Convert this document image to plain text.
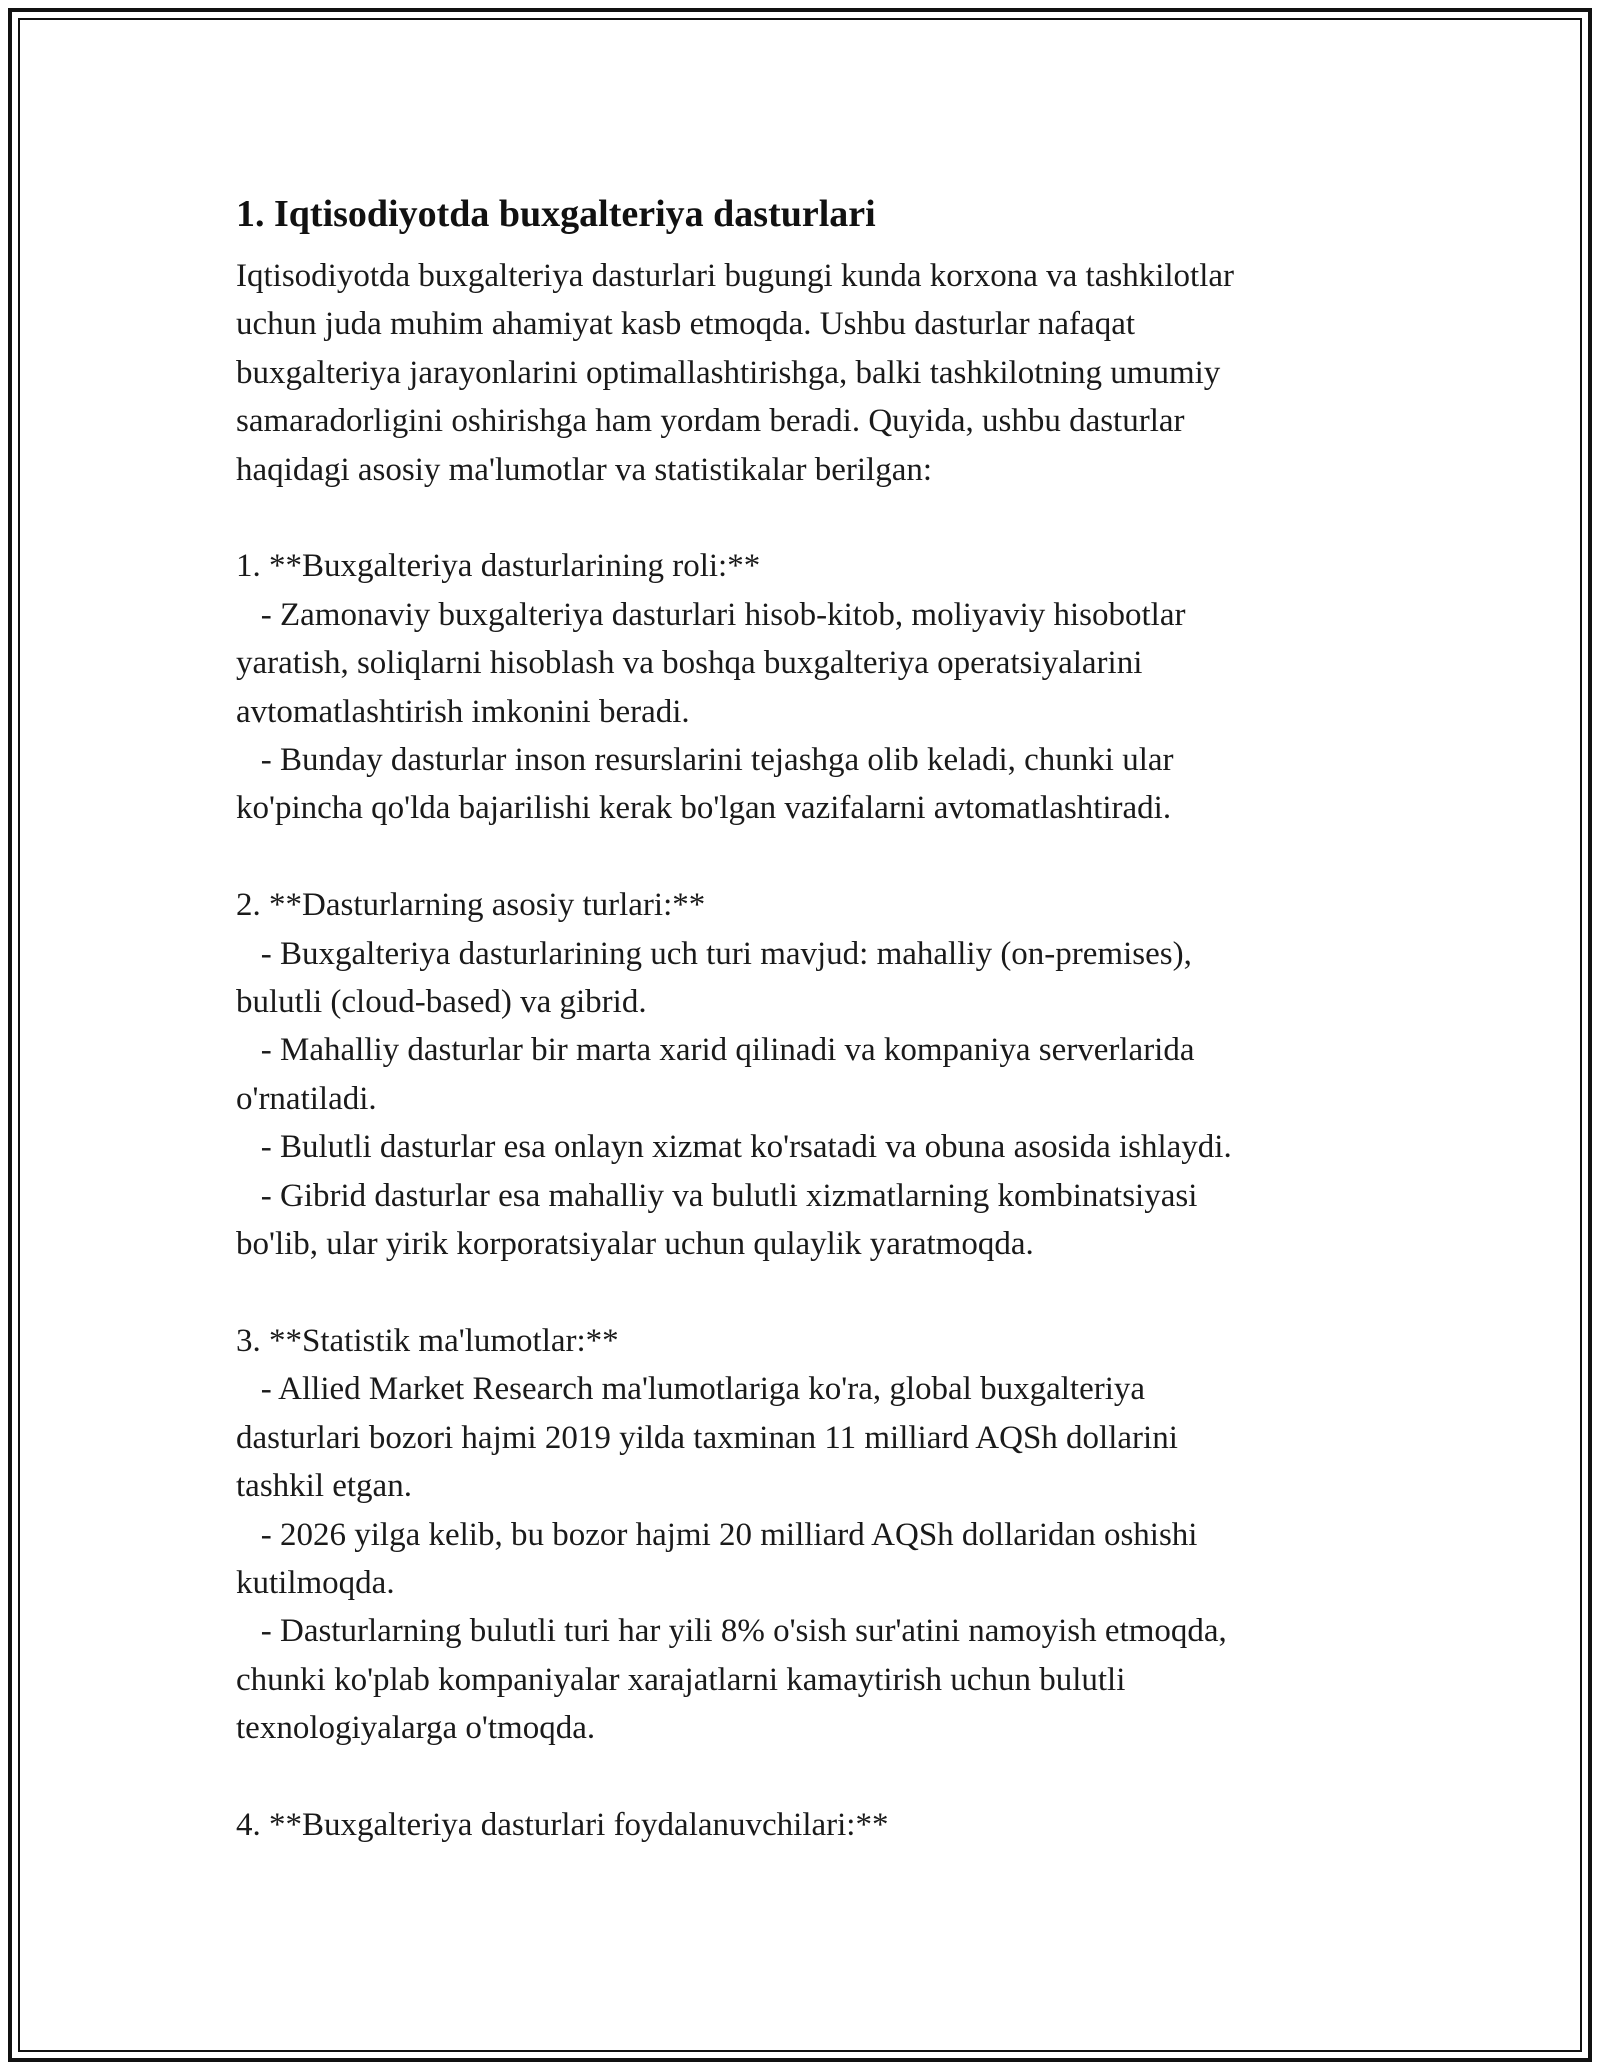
1. Iqtisodiyotda buxgalteriya dasturlari

Iqtisodiyotda buxgalteriya dasturlari bugungi kunda korxona va tashkilotlar
uchun juda muhim ahamiyat kasb etmoqda. Ushbu dasturlar nafaqat
buxgalteriya jarayonlarini optimallashtirishga, balki tashkilotning umumiy
samaradorligini oshirishga ham yordam beradi. Quyida, ushbu dasturlar
haqidagi asosiy ma'lumotlar va statistikalar berilgan:

1. **Buxgalteriya dasturlarining roli:**
- Zamonaviy buxgalteriya dasturlari hisob-kitob, moliyaviy hisobotlar
yaratish, soliqlarni hisoblash va boshqa buxgalteriya operatsiyalarini
avtomatlashtirish imkonini beradi.
- Bunday dasturlar inson resurslarini tejashga olib keladi, chunki ular
ko'pincha qo'lda bajarilishi kerak bo'lgan vazifalarni avtomatlashtiradi.

2. **Dasturlarning asosiy turlari:**
- Buxgalteriya dasturlarining uch turi mavjud: mahalliy (on-premises),
bulutli (cloud-based) va gibrid.
- Mahalliy dasturlar bir marta xarid qilinadi va kompaniya serverlarida
o'rnatiladi.
- Bulutli dasturlar esa onlayn xizmat ko'rsatadi va obuna asosida ishlaydi.
- Gibrid dasturlar esa mahalliy va bulutli xizmatlarning kombinatsiyasi
bo'lib, ular yirik korporatsiyalar uchun qulaylik yaratmoqda.

3. **Statistik ma'lumotlar:**
- Allied Market Research ma'lumotlariga ko'ra, global buxgalteriya
dasturlari bozori hajmi 2019 yilda taxminan 11 milliard AQSh dollarini
tashkil etgan.
- 2026 yilga kelib, bu bozor hajmi 20 milliard AQSh dollaridan oshishi
kutilmoqda.
- Dasturlarning bulutli turi har yili 8% o'sish sur'atini namoyish etmoqda,
chunki ko'plab kompaniyalar xarajatlarni kamaytirish uchun bulutli
texnologiyalarga o'tmoqda.

4. **Buxgalteriya dasturlari foydalanuvchilari:**
